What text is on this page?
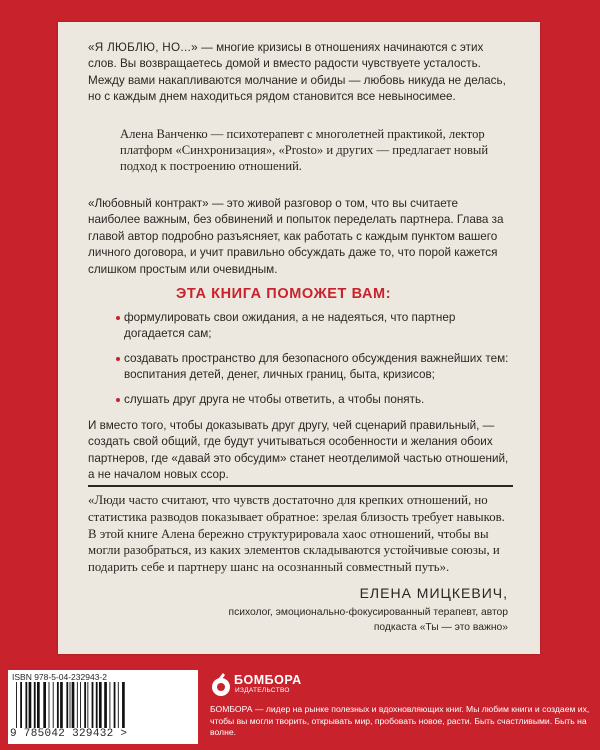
«Я ЛЮБЛЮ, НО...» — многие кризисы в отношениях начинаются с этих слов. Вы возвращаетесь домой и вместо радости чувствуете усталость. Между вами накапливаются молчание и обиды — любовь никуда не делась, но с каждым днем находиться рядом становится все невыносимее.

Алена Ванченко — психотерапевт с многолетней практикой, лектор платформ «Синхронизация», «Prosto» и других — предлагает новый подход к построению отношений.

«Любовный контракт» — это живой разговор о том, что вы считаете наиболее важным, без обвинений и попыток переделать партнера. Глава за главой автор подробно разъясняет, как работать с каждым пунктом вашего личного договора, и учит правильно обсуждать даже то, что порой кажется слишком простым или очевидным.

ЭТА КНИГА ПОМОЖЕТ ВАМ:

формулировать свои ожидания, а не надеяться, что партнер догадается сам;
создавать пространство для безопасного обсуждения важнейших тем: воспитания детей, денег, личных границ, быта, кризисов;
слушать друг друга не чтобы ответить, а чтобы понять.

И вместо того, чтобы доказывать друг другу, чей сценарий правильный, — создать свой общий, где будут учитываться особенности и желания обоих партнеров, где «давай это обсудим» станет неотделимой частью отношений, а не началом новых ссор.

«Люди часто считают, что чувств достаточно для крепких отношений, но статистика разводов показывает обратное: зрелая близость требует навыков. В этой книге Алена бережно структурировала хаос отношений, чтобы вы могли разобраться, из каких элементов складываются устойчивые союзы, и подарить себе и партнеру шанс на осознанный совместный путь».

ЕЛЕНА МИЦКЕВИЧ,

психолог, эмоционально-фокусированный терапевт, автор подкаста «Ты — это важно»

ISBN 978-5-04-232943-2

9 785042 329432 >

БОМБОРА

ИЗДАТЕЛЬСТВО

БОМБОРА — лидер на рынке полезных и вдохновляющих книг. Мы любим книги и создаем их, чтобы вы могли творить, открывать мир, пробовать новое, расти. Быть счастливыми. Быть на волне.
